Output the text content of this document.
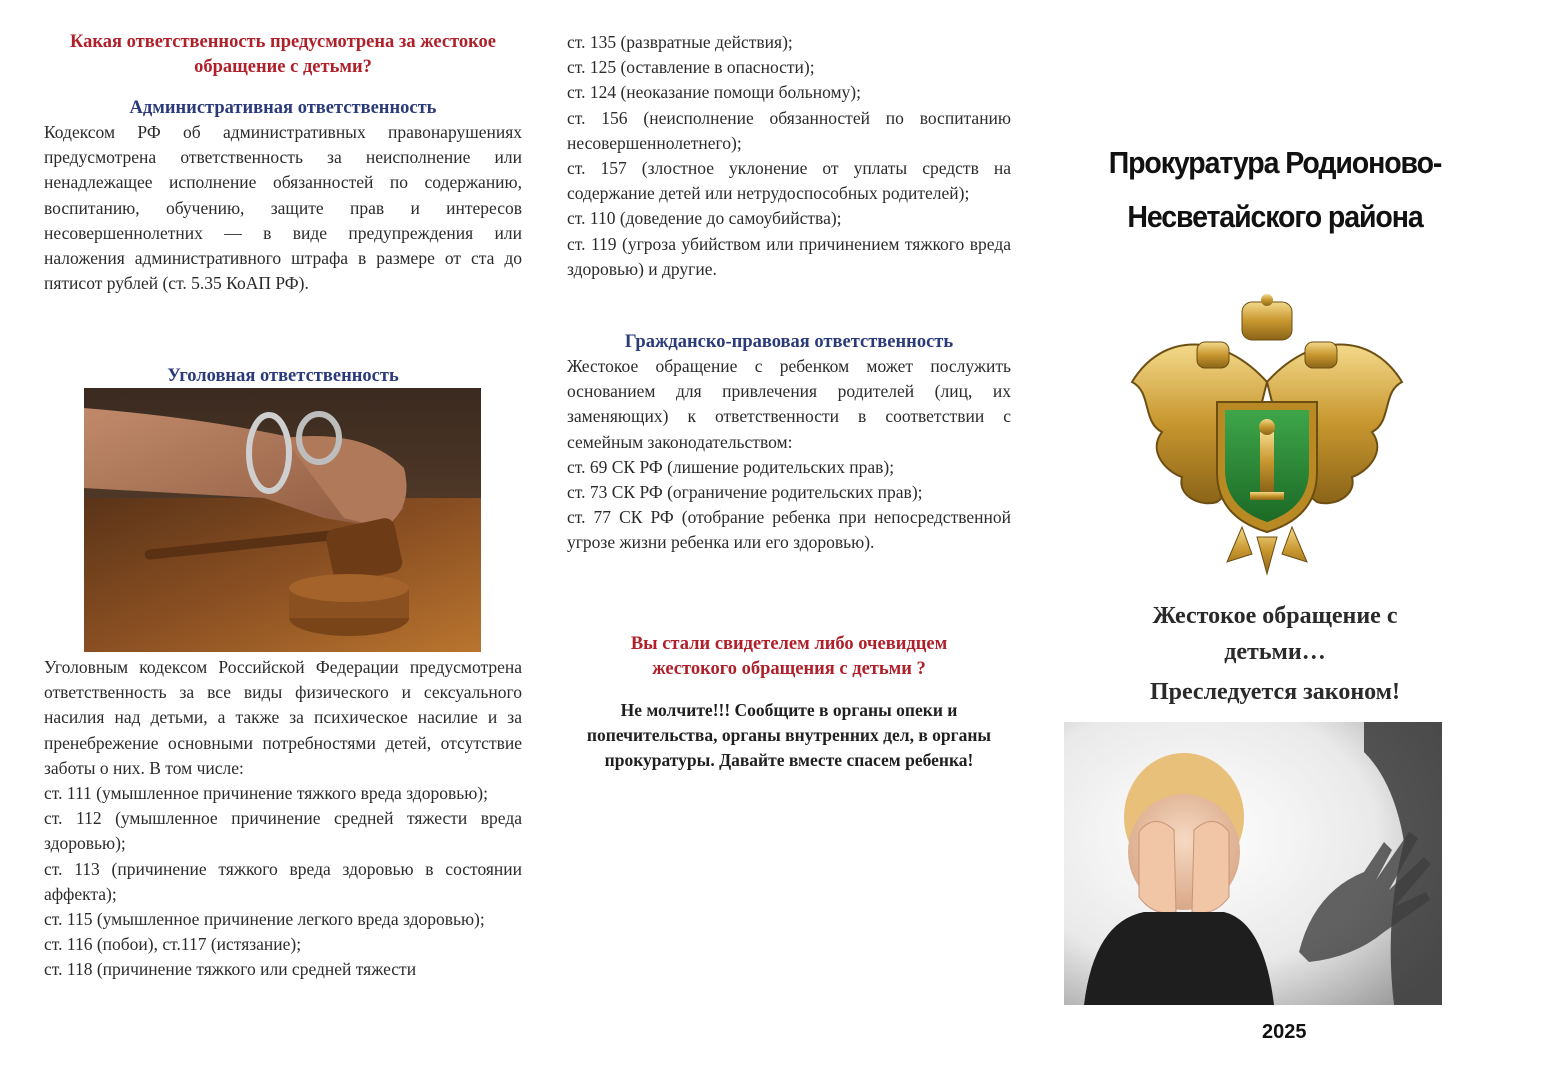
Какая ответственность предусмотрена за жестокое обращение с детьми?

Административная ответственность

Кодексом РФ об административных правонарушениях предусмотрена ответственность за неисполнение или ненадлежащее исполнение обязанностей по содержанию, воспитанию, обучению, защите прав и интересов несовершеннолетних — в виде предупреждения или наложения административного штрафа в размере от ста до пятисот рублей (ст. 5.35 КоАП РФ).

Уголовная ответственность

Уголовным кодексом Российской Федерации предусмотрена ответственность за все виды физического и сексуального насилия над детьми, а также за психическое насилие и за пренебрежение основными потребностями детей, отсутствие заботы о них. В том числе:

ст. 111 (умышленное причинение тяжкого вреда здоровью);

ст. 112 (умышленное причинение средней тяжести вреда здоровью);

ст. 113 (причинение тяжкого вреда здоровью в состоянии аффекта);

ст. 115 (умышленное причинение легкого вреда здоровью);

ст. 116 (побои), ст.117 (истязание);

ст. 118 (причинение тяжкого или средней тяжести

ст. 135 (развратные действия);

ст. 125 (оставление в опасности);

ст. 124 (неоказание помощи больному);

ст. 156 (неисполнение обязанностей по воспитанию несовершеннолетнего);

ст. 157 (злостное уклонение от уплаты средств на содержание детей или нетрудоспособных родителей);

ст. 110 (доведение до самоубийства);

ст. 119 (угроза убийством или причинением тяжкого вреда здоровью) и другие.

Гражданско-правовая ответственность

Жестокое обращение с ребенком может послужить основанием для привлечения родителей (лиц, их заменяющих) к ответственности в соответствии с семейным законодательством:

ст. 69 СК РФ (лишение родительских прав);

ст. 73 СК РФ (ограничение родительских прав);

ст. 77 СК РФ (отобрание ребенка при непосредственной угрозе жизни ребенка или его здоровью).

Вы стали свидетелем либо очевидцем жестокого обращения с детьми ?

Не молчите!!! Сообщите в органы опеки и попечительства, органы внутренних дел, в органы прокуратуры. Давайте вместе спасем ребенка!

Прокуратура Родионово-Несветайского района

Жестокое обращение с детьми…

Преследуется законом!

2025
